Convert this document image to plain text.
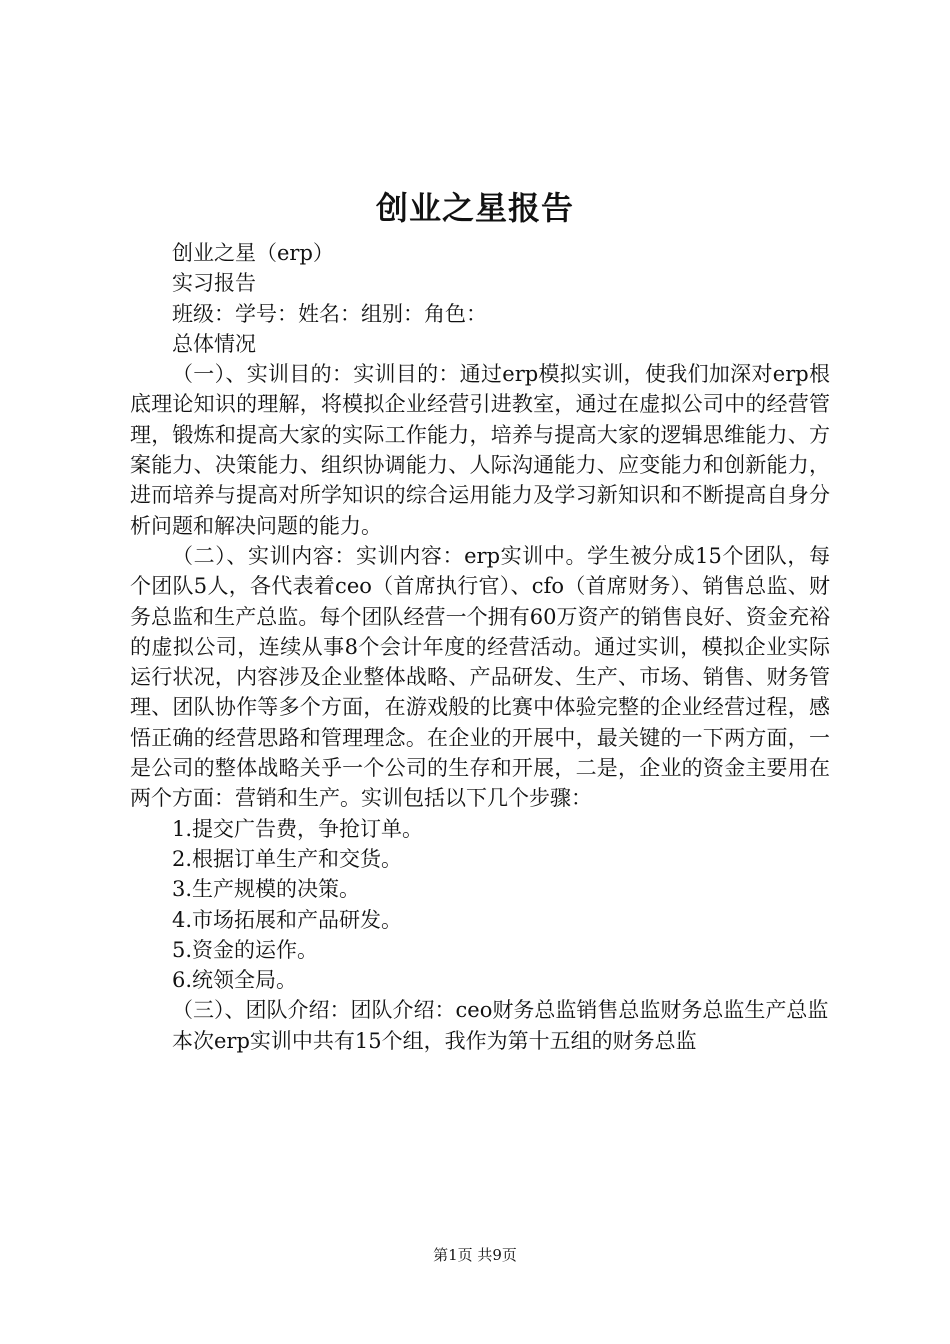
创业之星报告

创业之星（erp）

实习报告

班级：学号：姓名：组别：角色：

总体情况

（一）、实训目的：实训目的：通过erp模拟实训，使我们加深对erp根底理论知识的理解，将模拟企业经营引进教室，通过在虚拟公司中的经营管理，锻炼和提高大家的实际工作能力，培养与提高大家的逻辑思维能力、方案能力、决策能力、组织协调能力、人际沟通能力、应变能力和创新能力，进而培养与提高对所学知识的综合运用能力及学习新知识和不断提高自身分析问题和解决问题的能力。

（二）、实训内容：实训内容：erp实训中。学生被分成15个团队，每个团队5人，各代表着ceo（首席执行官）、cfo（首席财务）、销售总监、财务总监和生产总监。每个团队经营一个拥有60万资产的销售良好、资金充裕的虚拟公司，连续从事8个会计年度的经营活动。通过实训，模拟企业实际运行状况，内容涉及企业整体战略、产品研发、生产、市场、销售、财务管理、团队协作等多个方面，在游戏般的比赛中体验完整的企业经营过程，感悟正确的经营思路和管理理念。在企业的开展中，最关键的一下两方面，一是公司的整体战略关乎一个公司的生存和开展，二是，企业的资金主要用在两个方面：营销和生产。实训包括以下几个步骤：

1.提交广告费，争抢订单。

2.根据订单生产和交货。

3.生产规模的决策。

4.市场拓展和产品研发。

5.资金的运作。

6.统领全局。

（三）、团队介绍：团队介绍：ceo财务总监销售总监财务总监生产总监

本次erp实训中共有15个组，我作为第十五组的财务总监

第1页 共9页
